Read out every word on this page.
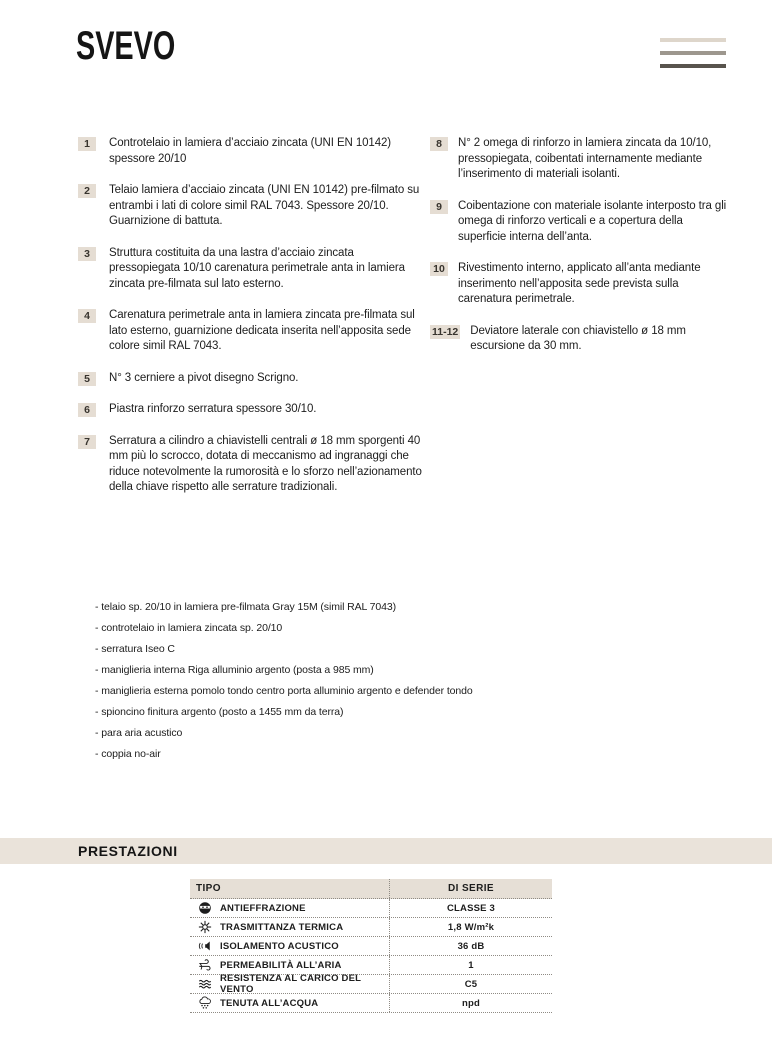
SVEVO
1	Controtelaio in lamiera d’acciaio zincata (UNI EN 10142) spessore 20/10

2	Telaio lamiera d’acciaio zincata (UNI EN 10142) pre-filmato su entrambi i lati di colore simil RAL 7043. Spessore 20/10. Guarnizione di battuta.

3	Struttura costituita da una lastra d’acciaio zincata pressopiegata 10/10 carenatura perimetrale anta in lamiera zincata pre-filmata sul lato esterno.

4	Carenatura perimetrale anta in lamiera zincata pre-filmata sul lato esterno, guarnizione dedicata inserita nell’apposita sede colore simil RAL 7043.

5	N° 3 cerniere a pivot disegno Scrigno.

6	Piastra rinforzo serratura spessore 30/10.

7	Serratura a cilindro a chiavistelli centrali ø 18 mm sporgenti 40 mm più lo scrocco, dotata di meccanismo ad ingranaggi che riduce notevolmente la rumorosità e lo sforzo nell’azionamento della chiave rispetto alle serrature tradizionali.

8	N° 2 omega di rinforzo in lamiera zincata da 10/10, pressopiegata, coibentati internamente mediante l’inserimento di materiali isolanti.

9	Coibentazione con materiale isolante interposto tra gli omega di rinforzo verticali e a copertura della superficie interna dell’anta.

10 Rivestimento interno, applicato all’anta mediante inserimento nell’apposita sede prevista sulla carenatura perimetrale.

11-12 Deviatore laterale con chiavistello ø 18 mm escursione da 30 mm.

- telaio sp. 20/10 in lamiera pre-filmata Gray 15M (simil RAL 7043)
- controtelaio in lamiera zincata sp. 20/10
- serratura Iseo C
- maniglieria interna Riga alluminio argento (posta a 985 mm)
- maniglieria esterna pomolo tondo centro porta alluminio argento e defender tondo
- spioncino finitura argento (posto a 1455 mm da terra)
- para aria acustico
- coppia no-air
PRESTAZIONI
TIPO	DI SERIE
ANTIEFFRAZIONE	CLASSE 3
TRASMITTANZA TERMICA	1,8 W/m²k
ISOLAMENTO ACUSTICO	36 dB
PERMEABILITÀ ALL’ARIA	1
RESISTENZA AL CARICO DEL VENTO	C5
TENUTA ALL’ACQUA	npd
